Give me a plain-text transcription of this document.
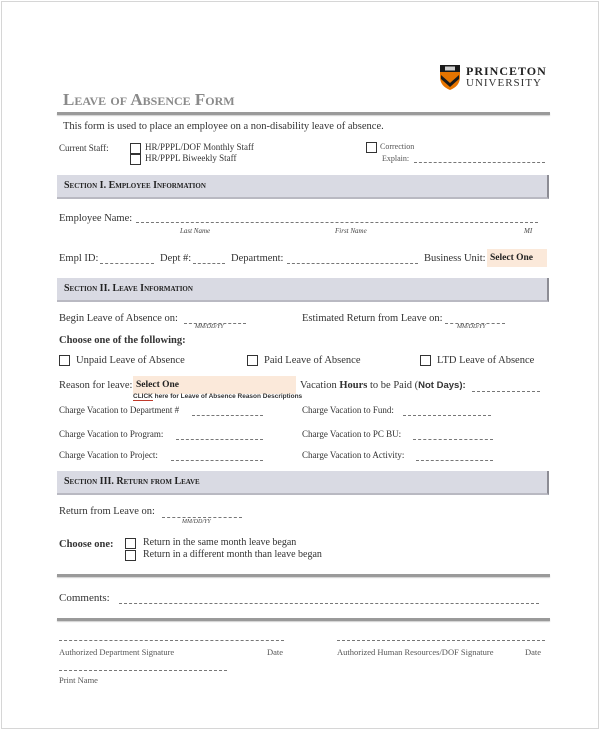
PRINCETON
UNIVERSITY
Leave of Absence Form
This form is used to place an employee on a non-disability leave of absence.
Current Staff:	HR/PPPL/DOF Monthly Staff
HR/PPPL Biweekly Staff
Correction
Explain:
Section I. Employee Information
Employee Name:
Last Name	First Name	MI
Empl ID:	Dept #:	Department:	Business Unit: Select One
Section II. Leave Information
Begin Leave of Absence on:
MM/DD/YY
Estimated Return from Leave on:
MM/DD/YY
Choose one of the following:
Unpaid Leave of Absence	Paid Leave of Absence	LTD Leave of Absence
Reason for leave: Select One
CLICK here for Leave of Absence Reason Descriptions
Vacation Hours to be Paid (Not Days):
Charge Vacation to Department #	Charge Vacation to Fund:
Charge Vacation to Program:	Charge Vacation to PC BU:
Charge Vacation to Project:	Charge Vacation to Activity:
Section III. Return from Leave
Return from Leave on:
MM/DD/YY
Choose one:	Return in the same month leave began
Return in a different month than leave began
Comments:
Authorized Department Signature	Date	Authorized Human Resources/DOF Signature	Date
Print Name
